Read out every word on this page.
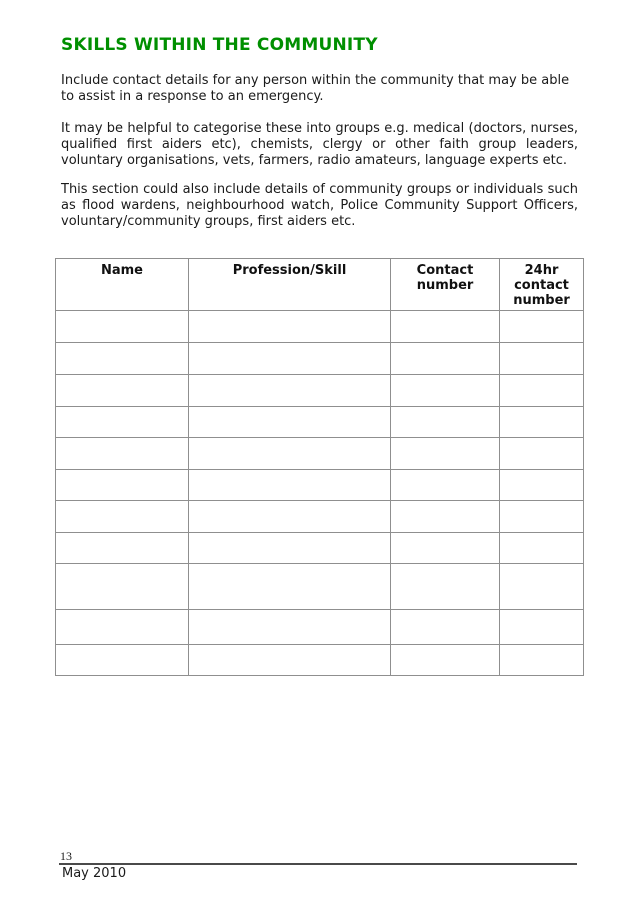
SKILLS WITHIN THE COMMUNITY
Include contact details for any person within the community that may be able to assist in a response to an emergency.
It may be helpful to categorise these into groups e.g. medical (doctors, nurses, qualified first aiders etc), chemists, clergy or other faith group leaders, voluntary organisations, vets, farmers, radio amateurs, language experts etc.
This section could also include details of community groups or individuals such as flood wardens, neighbourhood watch, Police Community Support Officers, voluntary/community groups, first aiders etc.
Name	Profession/Skill	Contact number	24hr contact number

13
May 2010
